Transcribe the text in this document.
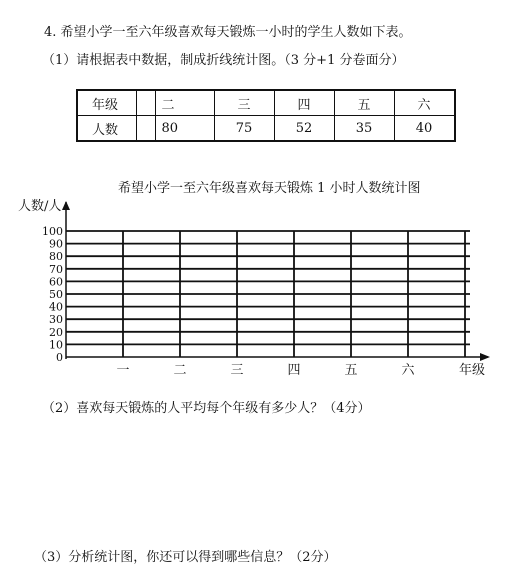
4. 希望小学一至六年级喜欢每天锻炼一小时的学生人数如下表。
（1）请根据表中数据，制成折线统计图。（3 分+1 分卷面分）
年级		二	三	四	五	六
人数		80	75	52	35	40
希望小学一至六年级喜欢每天锻炼 1 小时人数统计图
人数/人
100
90
80
70
60
50
40
30
20
10
0
一	二	三	四	五	六	年级
（2）喜欢每天锻炼的人平均每个年级有多少人？（4分）
（3）分析统计图，你还可以得到哪些信息？（2分）
